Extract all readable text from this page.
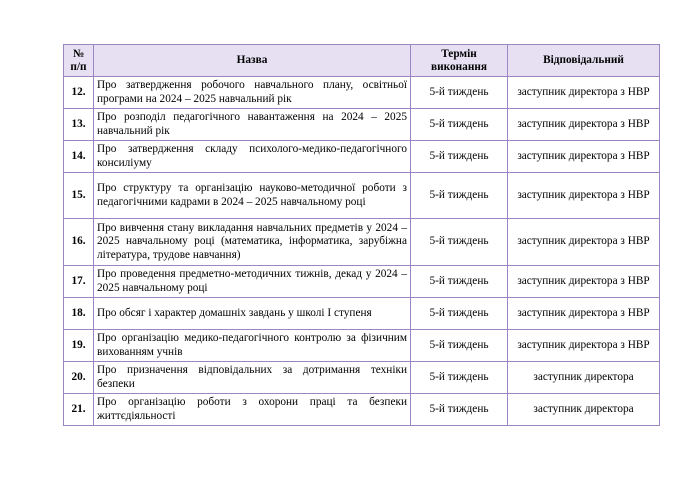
№ п/п	Назва	Термін виконання	Відповідальний
12.	Про затвердження робочого навчального плану, освітньої програми на 2024 – 2025 навчальний рік	5-й тиждень	заступник директора з НВР
13.	Про розподіл педагогічного навантаження на 2024 – 2025 навчальний рік	5-й тиждень	заступник директора з НВР
14.	Про затвердження складу психолого-медико-педагогічного консиліуму	5-й тиждень	заступник директора з НВР
15.	Про структуру та організацію науково-методичної роботи з педагогічними кадрами в 2024 – 2025 навчальному році	5-й тиждень	заступник директора з НВР
16.	Про вивчення стану викладання навчальних предметів у 2024 – 2025 навчальному році (математика, інформатика, зарубіжна література, трудове навчання)	5-й тиждень	заступник директора з НВР
17.	Про проведення предметно-методичних тижнів, декад у 2024 – 2025 навчальному році	5-й тиждень	заступник директора з НВР
18.	Про обсяг і характер домашніх завдань у школі І ступеня	5-й тиждень	заступник директора з НВР
19.	Про організацію медико-педагогічного контролю за фізичним вихованням учнів	5-й тиждень	заступник директора з НВР
20.	Про призначення відповідальних за дотримання техніки безпеки	5-й тиждень	заступник директора
21.	Про організацію роботи з охорони праці та безпеки життєдіяльності	5-й тиждень	заступник директора
